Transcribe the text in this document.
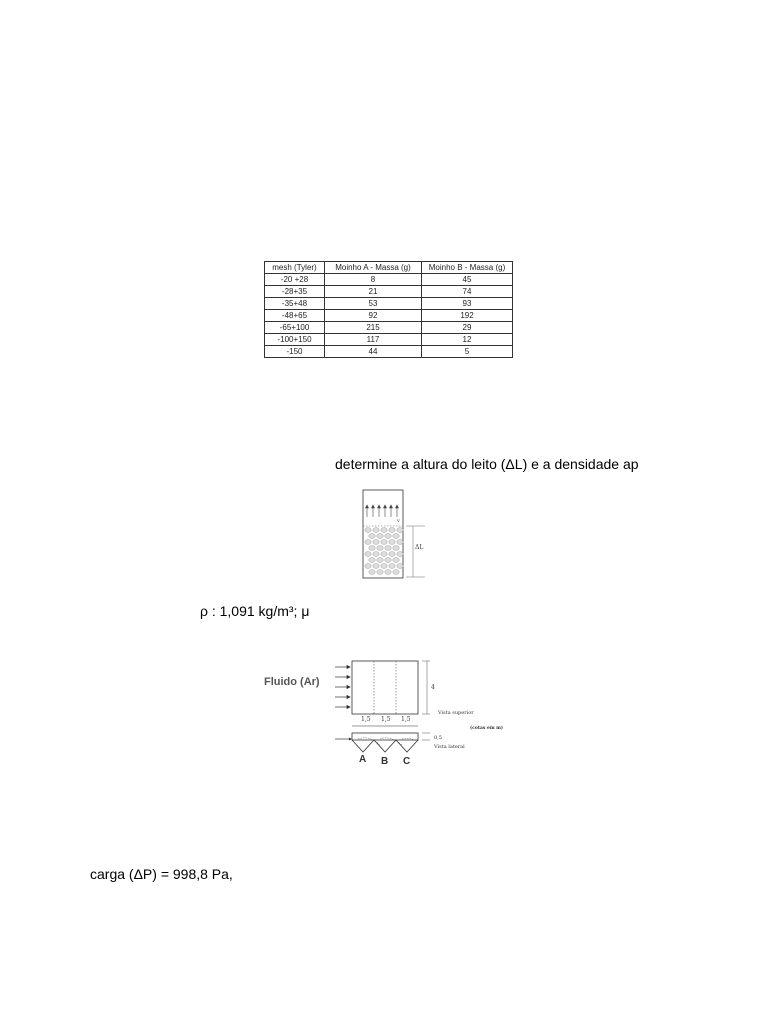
mesh (Tyler)	Moinho A - Massa (g)	Moinho B - Massa (g)
-20 +28	8	45
-28+35	21	74
-35+48	53	93
-48+65	92	192
-65+100	215	29
-100+150	117	12
-150	44	5
determine a altura do leito (ΔL) e a densidade ap
v
ΔL
ρ : 1,091 kg/m³; μ
Fluido (Ar)	4
1,5 1,5 1,5
Vista superior
(cotas em m)
0,5
Vista lateral
A B C
carga (ΔP) = 998,8 Pa,
